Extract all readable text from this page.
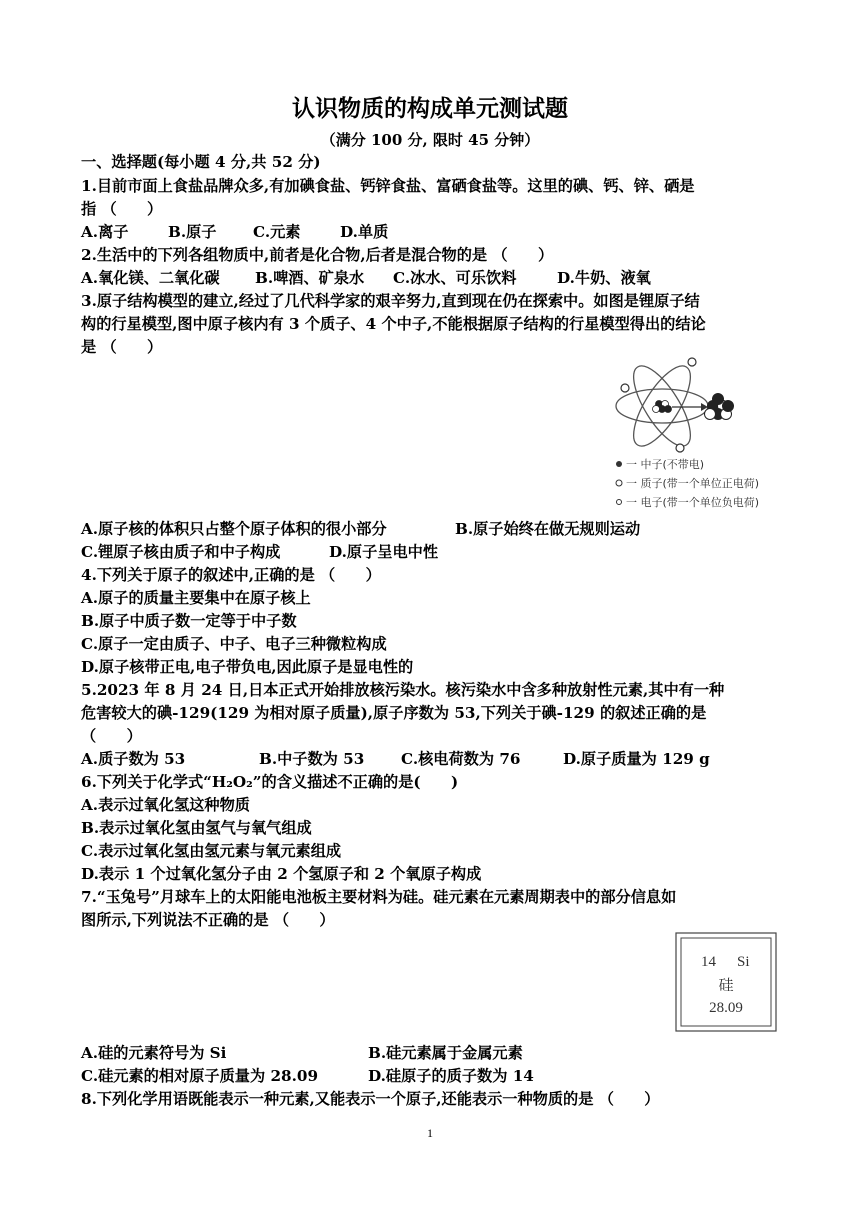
认识物质的构成单元测试题
（满分 100 分, 限时 45 分钟）
一、选择题(每小题 4 分,共 52 分)
1.目前市面上食盐品牌众多,有加碘食盐、钙锌食盐、富硒食盐等。这里的碘、钙、锌、硒是
指 （　　）
A.离子	B.原子 C.元素	D.单质
2.生活中的下列各组物质中,前者是化合物,后者是混合物的是 （　　）
A.氧化镁、二氧化碳 B.啤酒、矿泉水 C.冰水、可乐饮料	D.牛奶、液氧
3.原子结构模型的建立,经过了几代科学家的艰辛努力,直到现在仍在探索中。如图是锂原子结
构的行星模型,图中原子核内有 3 个质子、4 个中子,不能根据原子结构的行星模型得出的结论
是 （　　）
一 中子(不带电)
一 质子(带一个单位正电荷)
一 电子(带一个单位负电荷)
A.原子核的体积只占整个原子体积的很小部分	B.原子始终在做无规则运动
C.锂原子核由质子和中子构成	D.原子呈电中性
4.下列关于原子的叙述中,正确的是 （　　）
A.原子的质量主要集中在原子核上
B.原子中质子数一定等于中子数
C.原子一定由质子、中子、电子三种微粒构成
D.原子核带正电,电子带负电,因此原子是显电性的
5.2023 年 8 月 24 日,日本正式开始排放核污染水。核污染水中含多种放射性元素,其中有一种
危害较大的碘-129(129 为相对原子质量),原子序数为 53,下列关于碘-129 的叙述正确的是
（　　）
A.质子数为 53	B.中子数为 53 C.核电荷数为 76	D.原子质量为 129 g
6.下列关于化学式“H₂O₂”的含义描述不正确的是(　　)
A.表示过氧化氢这种物质
B.表示过氧化氢由氢气与氧气组成
C.表示过氧化氢由氢元素与氧元素组成
D.表示 1 个过氧化氢分子由 2 个氢原子和 2 个氧原子构成
7.“玉兔号”月球车上的太阳能电池板主要材料为硅。硅元素在元素周期表中的部分信息如
图所示,下列说法不正确的是 （　　）
14 Si
硅
28.09
A.硅的元素符号为 Si	B.硅元素属于金属元素
C.硅元素的相对原子质量为 28.09	D.硅原子的质子数为 14
8.下列化学用语既能表示一种元素,又能表示一个原子,还能表示一种物质的是 （　　）
1
